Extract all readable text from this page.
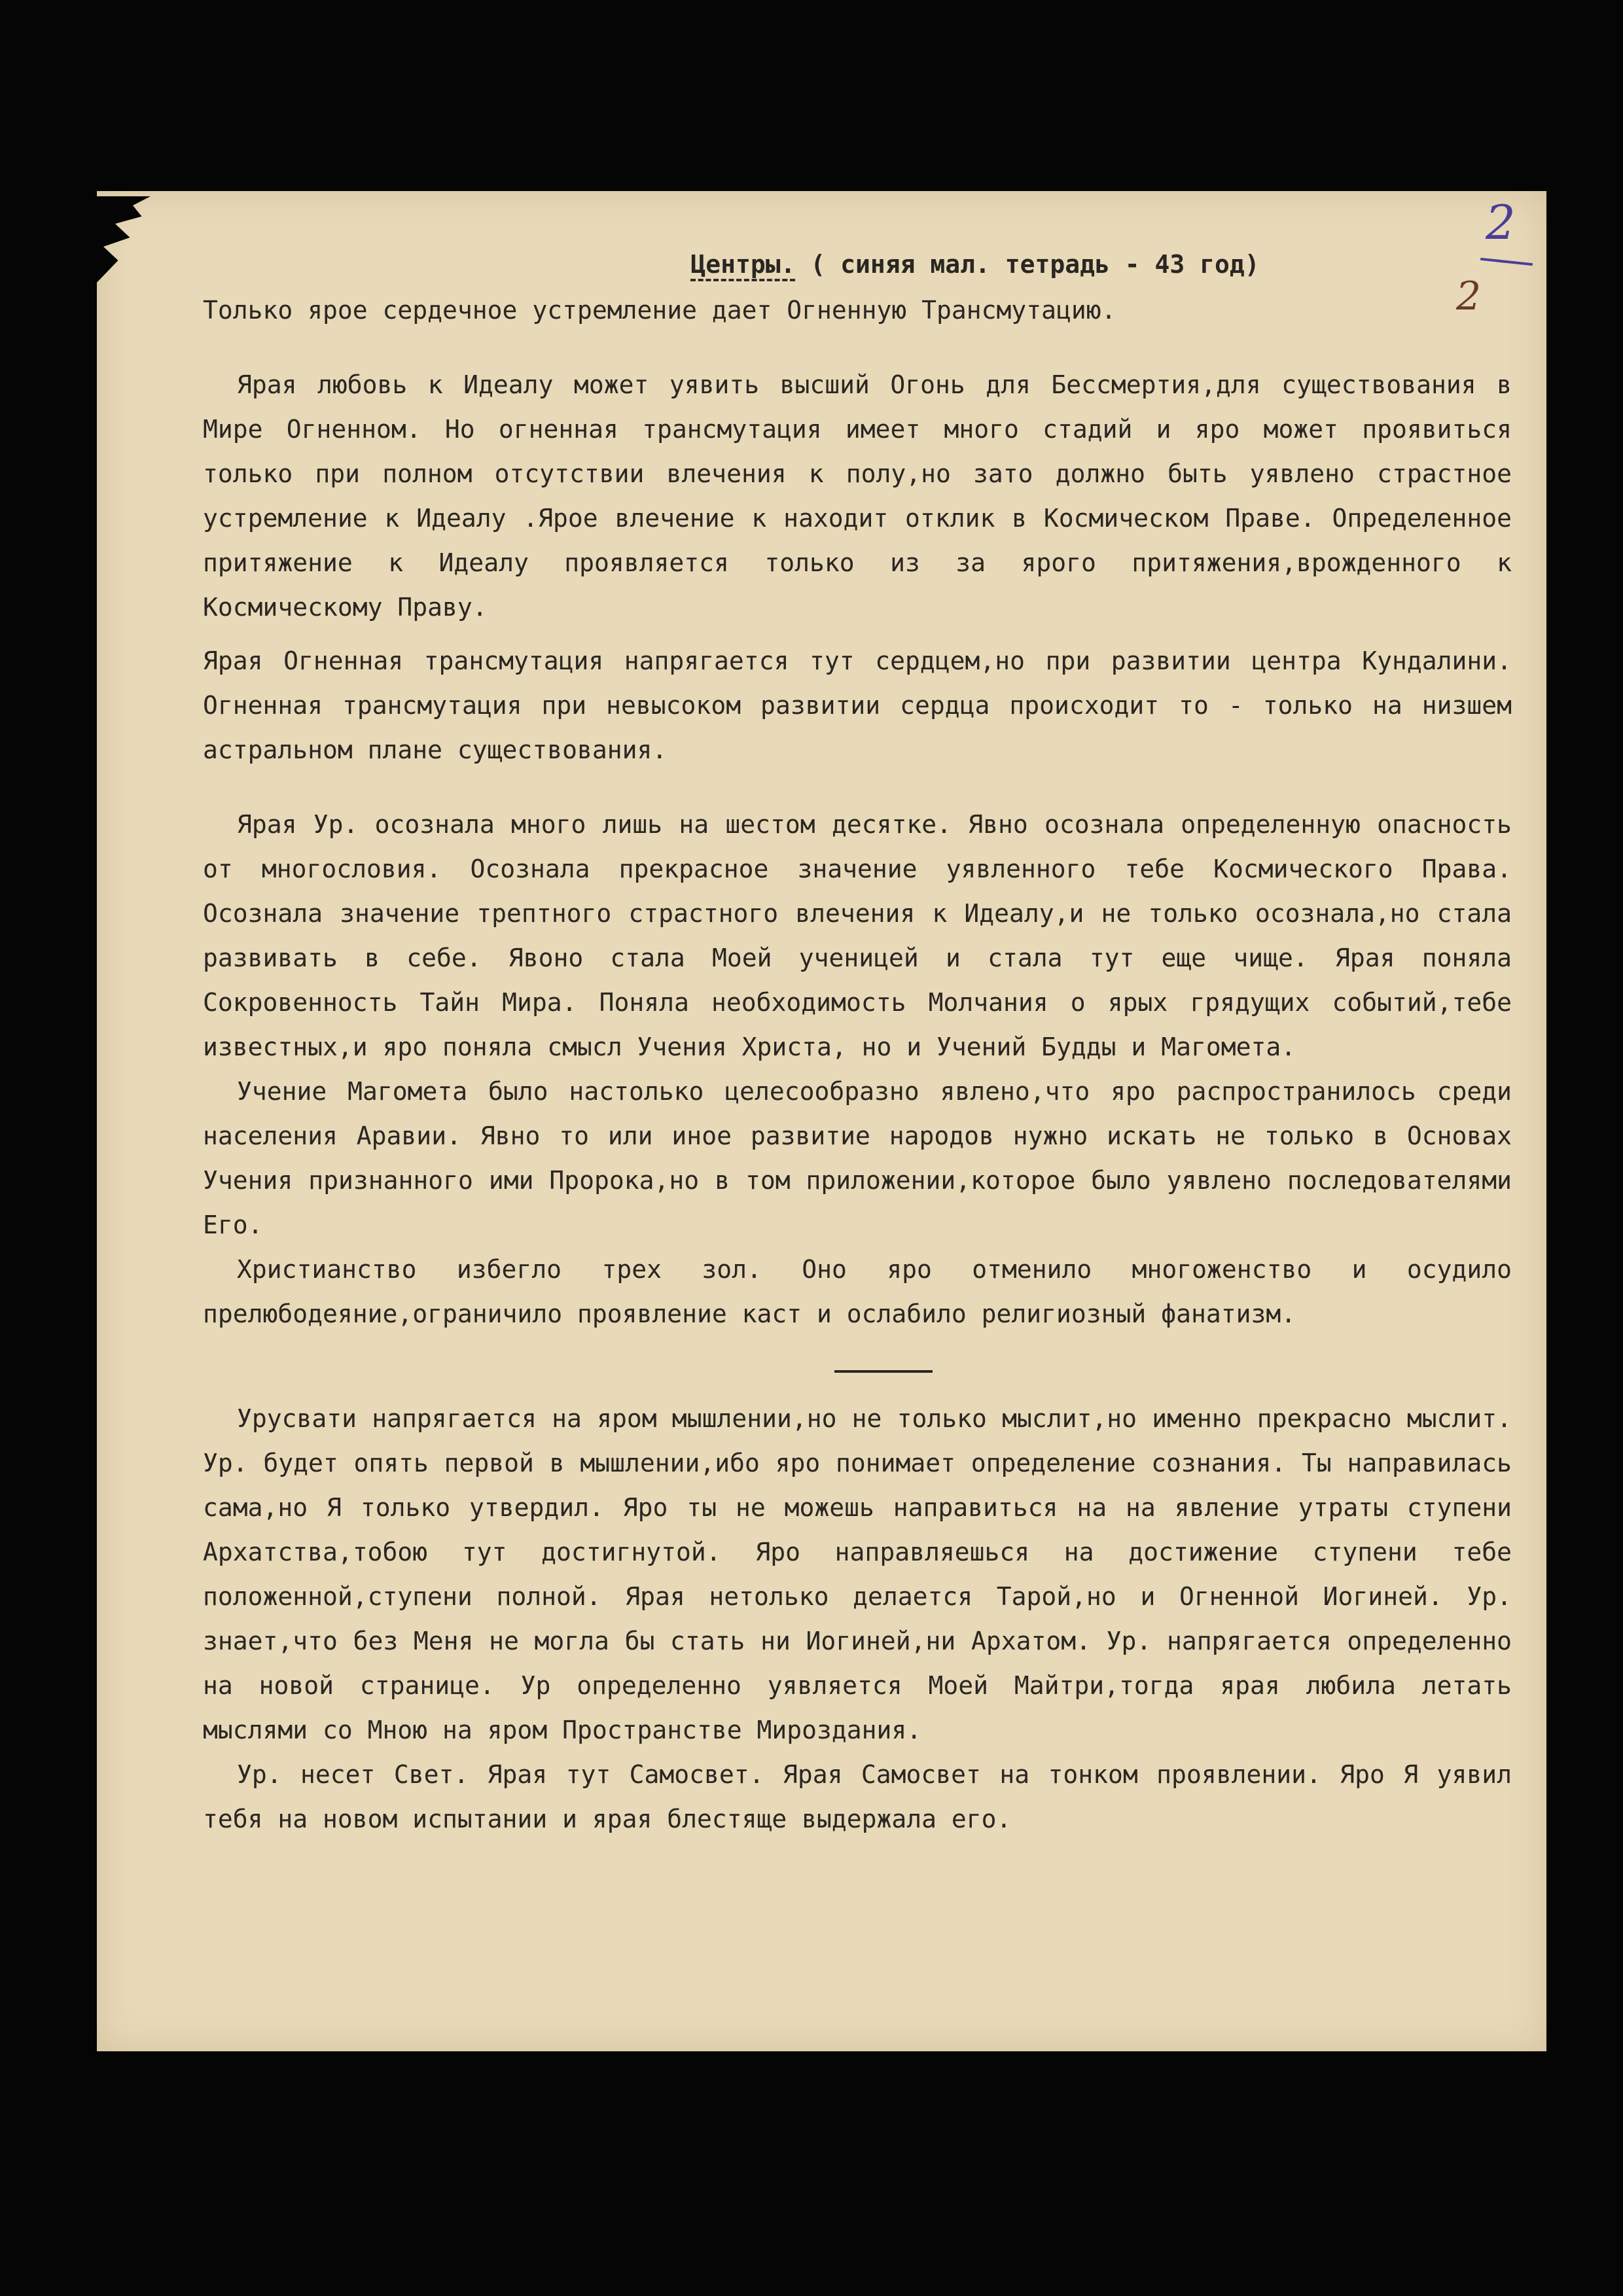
2
2

Центры. ( синяя мал. тетрадь - 43 год)

Только ярое сердечное устремление дает Огненную Трансмутацию.

Ярая любовь к Идеалу может уявить высший Огонь для Бессмертия,для существования в Мире Огненном. Но огненная трансмутация имеет много стадий и яро может проявиться только при полном отсутствии влечения к полу,но зато должно быть уявлено страстное устремление к Идеалу .Ярое влечение к находит отклик в Космическом Праве. Определенное притяжение к Идеалу проявляется только из за ярого притяжения,врожденного к Космическому Праву.

Ярая Огненная трансмутация напрягается тут сердцем,но при развитии центра Кундалини. Огненная трансмутация при невысоком развитии сердца происходит то - только на низшем астральном плане существования.

Ярая Ур. осознала много лишь на шестом десятке. Явно осознала определенную опасность от многословия. Осознала прекрасное значение уявленного тебе Космического Права. Осознала значение трептного страстного влечения к Идеалу,и не только осознала,но стала развивать в себе. Явоно стала Моей ученицей и стала тут еще чище. Ярая поняла Сокровенность Тайн Мира. Поняла необходимость Молчания о ярых грядущих событий,тебе известных,и яро поняла смысл Учения Христа, но и Учений Будды и Магомета.

Учение Магомета было настолько целесообразно явлено,что яро распространилось среди населения Аравии. Явно то или иное развитие народов нужно искать не только в Основах Учения признанного ими Пророка,но в том приложении,которое было уявлено последователями Его.

Христианство избегло трех зол. Оно яро отменило многоженство и осудило прелюбодеяние,ограничило проявление каст и ослабило религиозный фанатизм.

Урусвати напрягается на яром мышлении,но не только мыслит,но именно прекрасно мыслит. Ур. будет опять первой в мышлении,ибо яро понимает определение сознания. Ты направилась сама,но Я только утвердил. Яро ты не можешь направиться на на явление утраты ступени Архатства,тобою тут достигнутой. Яро направляешься на достижение ступени тебе положенной,ступени полной. Ярая нетолько делается Тарой,но и Огненной Иогиней. Ур. знает,что без Меня не могла бы стать ни Иогиней,ни Архатом. Ур. напрягается определенно на новой странице. Ур определенно уявляется Моей Майтри,тогда ярая любила летать мыслями со Мною на яром Пространстве Мироздания.

Ур. несет Свет. Ярая тут Самосвет. Ярая Самосвет на тонком проявлении. Яро Я уявил тебя на новом испытании и ярая блестяще выдержала его.
